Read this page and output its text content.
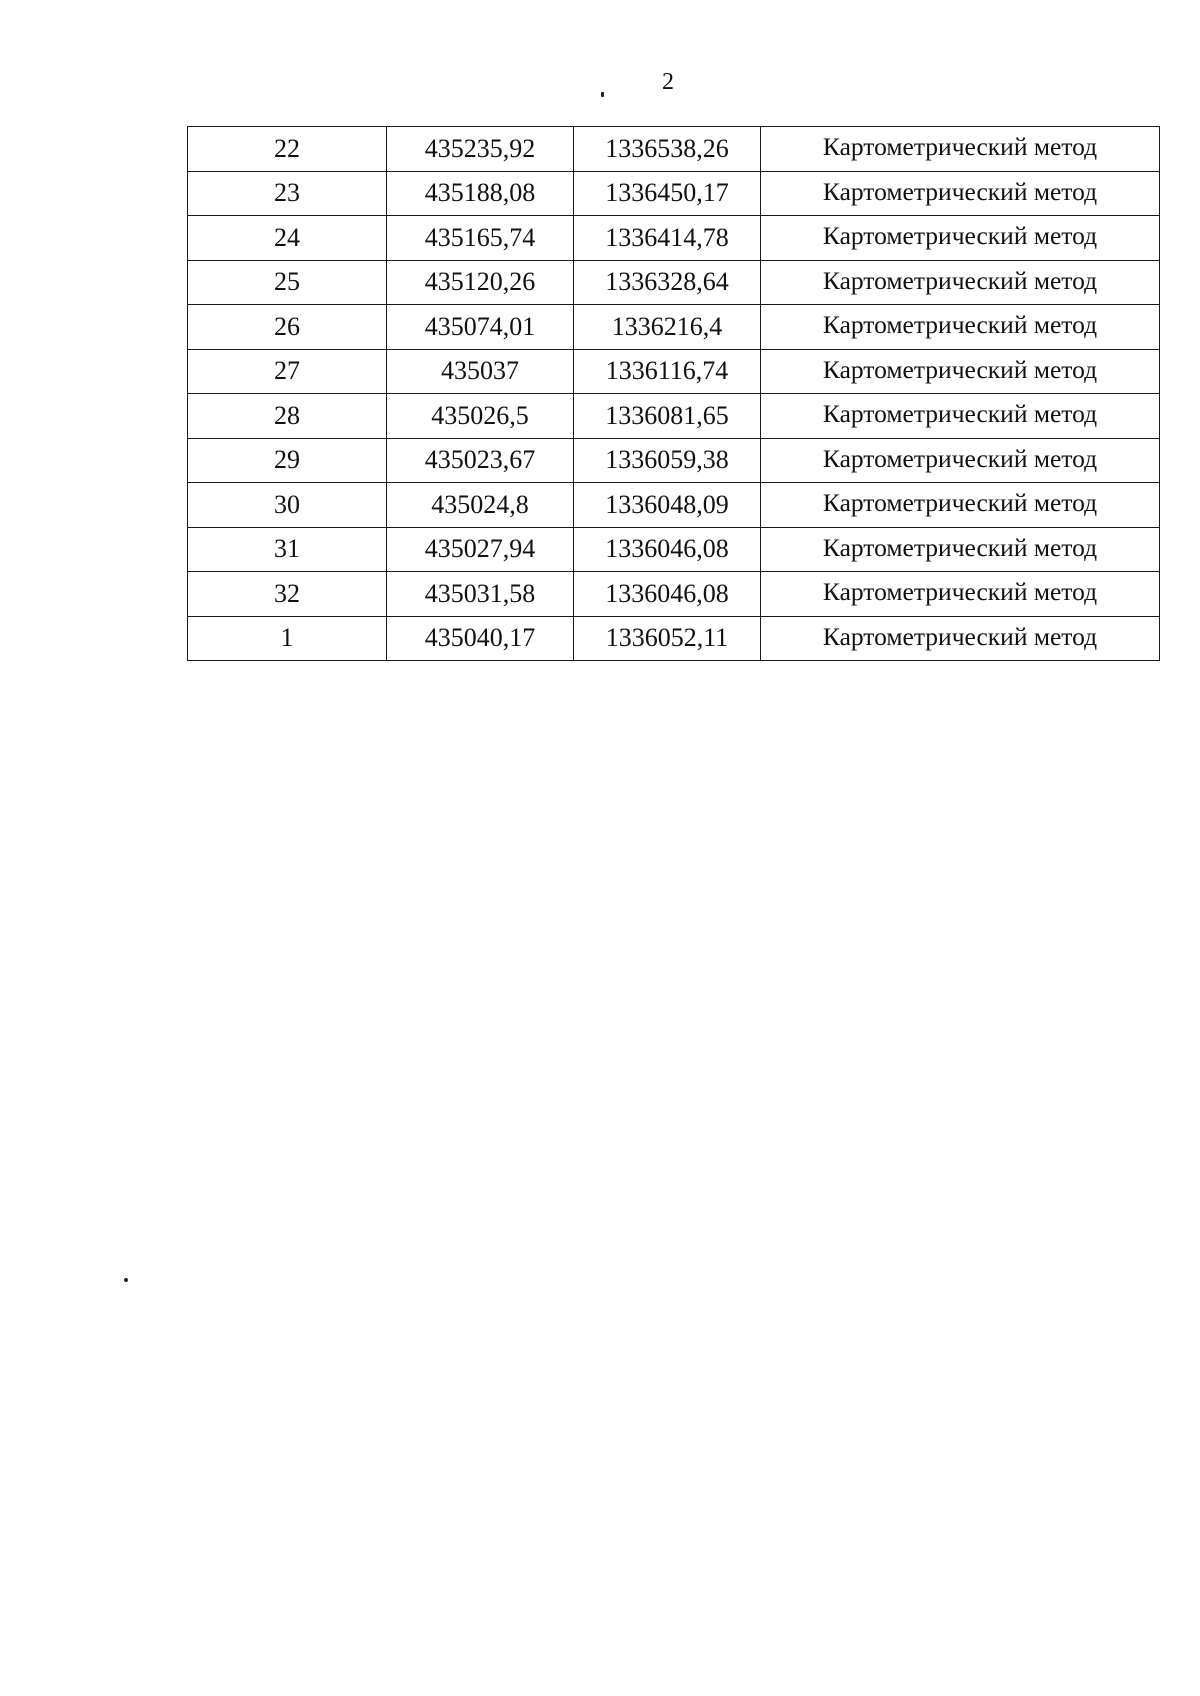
2
22	435235,92	1336538,26	Картометрический метод
23	435188,08	1336450,17	Картометрический метод
24	435165,74	1336414,78	Картометрический метод
25	435120,26	1336328,64	Картометрический метод
26	435074,01	1336216,4	Картометрический метод
27	435037	1336116,74	Картометрический метод
28	435026,5	1336081,65	Картометрический метод
29	435023,67	1336059,38	Картометрический метод
30	435024,8	1336048,09	Картометрический метод
31	435027,94	1336046,08	Картометрический метод
32	435031,58	1336046,08	Картометрический метод
1	435040,17	1336052,11	Картометрический метод
